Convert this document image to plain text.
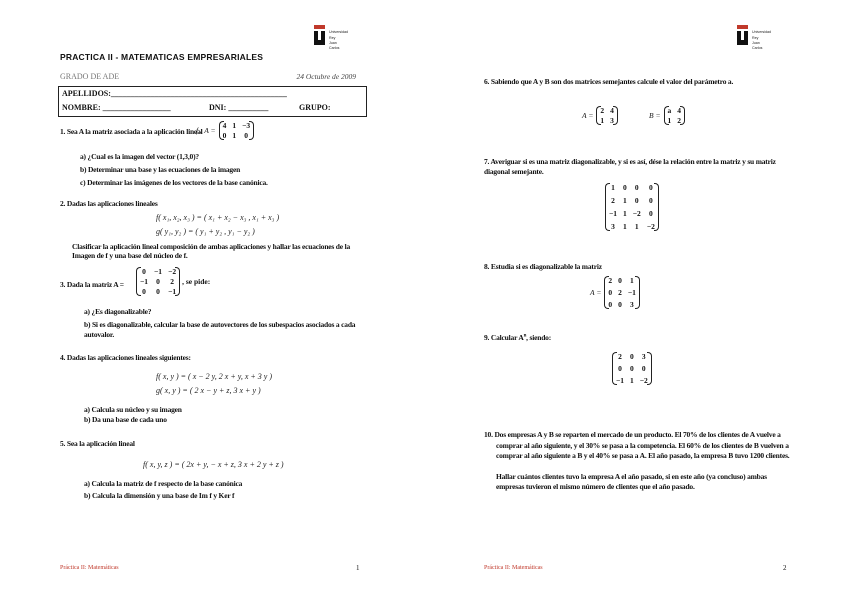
Universidad
Rey Juan Carlos
PRACTICA II - MATEMATICAS EMPRESARIALES
GRADO DE ADE	24 Octubre de 2009
APELLIDOS:____________________________________________
NOMBRE: _________________	DNI: __________	GRUPO:
1. Sea A la matriz asociada a la aplicación lineal
f : A =
4 1 −3
0 1 0
a) ¿Cual es la imagen del vector (1,3,0)?
b) Determinar una base y las ecuaciones de la imagen
c) Determinar las imágenes de los vectores de la base canónica.
2. Dadas las aplicaciones lineales
f( x₁, x₂, x₃ ) = ( x₁ + x₂ − x₃ , x₁ + x₃ )
g( y₁, y₂ ) = ( y₁ + y₂ , y₁ − y₂ )
Clasificar la aplicación lineal composición de ambas aplicaciones y hallar las ecuaciones de la Imagen de f y una base del núcleo de f.
3. Dada la matriz A =
0 −1 −2
−1 0 2
0 0 −1
, se pide:
a) ¿Es diagonalizable?
b) Si es diagonalizable, calcular la base de autovectores de los subespacios asociados a cada autovalor.
4. Dadas las aplicaciones lineales siguientes:
f( x, y ) = ( x − 2 y, 2 x + y, x + 3 y )
g( x, y ) = ( 2 x − y + z, 3 x + y )
a) Calcula su núcleo y su imagen
b) Da una base de cada uno
5. Sea la aplicación lineal
f( x, y, z ) = ( 2x + y, − x + z, 3 x + 2 y + z )
a) Calcula la matriz de f respecto de la base canónica
b) Calcula la dimensión y una base de Im f y Ker f
Práctica II: Matemáticas	1
Universidad
Rey Juan Carlos
6. Sabiendo que A y B son dos matrices semejantes calcule el valor del parámetro a.
A =
2 4
1 3
B =
a 4
1 2
7. Averiguar si es una matriz diagonalizable, y si es así, dése la relación entre la matriz y su matriz diagonal semejante.
1 0 0 0
2 1 0 0
−1 1 −2 0
3 1 1 −2
8. Estudia si es diagonalizable la matriz
A =
2 0 1
0 2 −1
0 0 3
9. Calcular $A^n$, siendo:
2 0 3
0 0 0
−1 1 −2
10. Dos empresas A y B se reparten el mercado de un producto. El 70% de los clientes de A vuelve a comprar al año siguiente, y el 30% se pasa a la competencia. El 60% de los clientes de B vuelven a comprar al año siguiente a B y el 40% se pasa a A. El año pasado, la empresa B tuvo 1200 clientes.
Hallar cuántos clientes tuvo la empresa A el año pasado, si en este año (ya concluso) ambas empresas tuvieron el mismo número de clientes que el año pasado.
Práctica II: Matemáticas	2
